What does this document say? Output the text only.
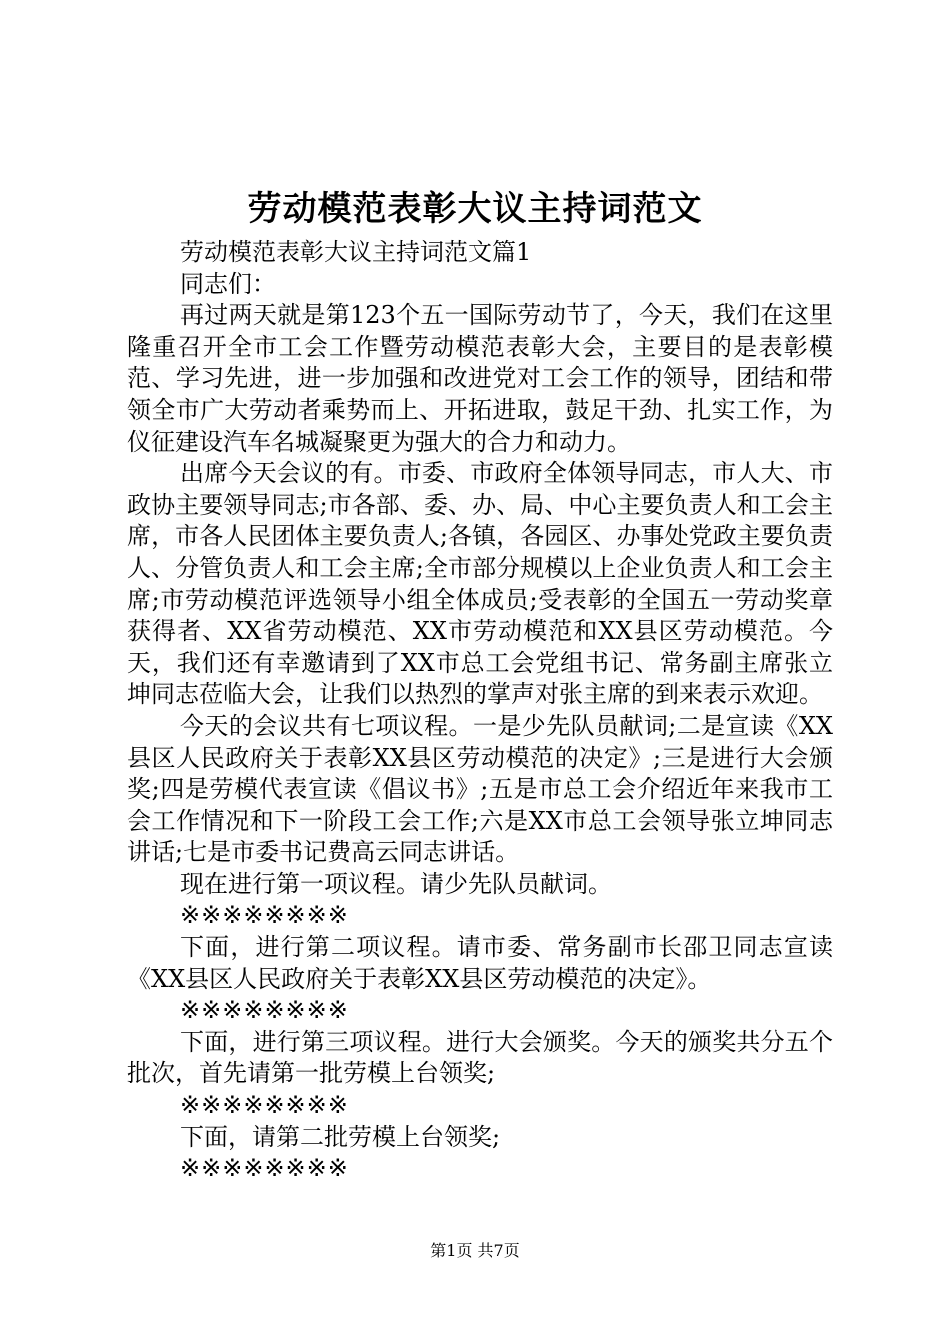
劳动模范表彰大议主持词范文

劳动模范表彰大议主持词范文篇1

同志们：

再过两天就是第123个五一国际劳动节了，今天，我们在这里隆重召开全市工会工作暨劳动模范表彰大会，主要目的是表彰模范、学习先进，进一步加强和改进党对工会工作的领导，团结和带领全市广大劳动者乘势而上、开拓进取，鼓足干劲、扎实工作，为仪征建设汽车名城凝聚更为强大的合力和动力。

出席今天会议的有。市委、市政府全体领导同志，市人大、市政协主要领导同志;市各部、委、办、局、中心主要负责人和工会主席，市各人民团体主要负责人;各镇，各园区、办事处党政主要负责人、分管负责人和工会主席;全市部分规模以上企业负责人和工会主席;市劳动模范评选领导小组全体成员;受表彰的全国五一劳动奖章获得者、XX省劳动模范、XX市劳动模范和XX县区劳动模范。今天，我们还有幸邀请到了XX市总工会党组书记、常务副主席张立坤同志莅临大会，让我们以热烈的掌声对张主席的到来表示欢迎。

今天的会议共有七项议程。一是少先队员献词;二是宣读《XX县区人民政府关于表彰XX县区劳动模范的决定》;三是进行大会颁奖;四是劳模代表宣读《倡议书》;五是市总工会介绍近年来我市工会工作情况和下一阶段工会工作;六是XX市总工会领导张立坤同志讲话;七是市委书记费高云同志讲话。

现在进行第一项议程。请少先队员献词。

※※※※※※※※

下面，进行第二项议程。请市委、常务副市长邵卫同志宣读《XX县区人民政府关于表彰XX县区劳动模范的决定》。

※※※※※※※※

下面，进行第三项议程。进行大会颁奖。今天的颁奖共分五个批次，首先请第一批劳模上台领奖;

※※※※※※※※

下面，请第二批劳模上台领奖;

※※※※※※※※

第1页 共7页
